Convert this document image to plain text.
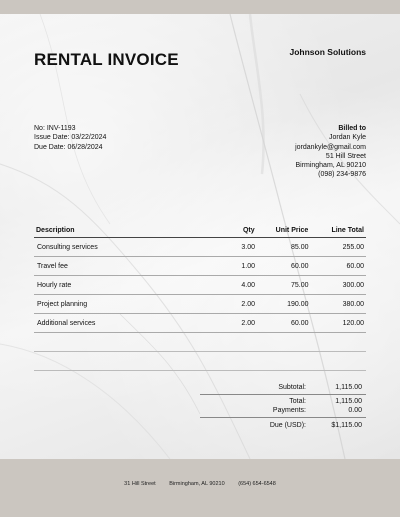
RENTAL INVOICE	Johnson Solutions
No: INV-1193
Issue Date: 03/22/2024
Due Date: 06/28/2024
Billed to
Jordan Kyle
jordankyle@gmail.com
51 Hill Street
Birmingham, AL 90210
(098) 234-9876
Description	Qty	Unit Price	Line Total
Consulting services	3.00	85.00	255.00
Travel fee	1.00	60.00	60.00
Hourly rate	4.00	75.00	300.00
Project planning	2.00	190.00	380.00
Additional services	2.00	60.00	120.00
Subtotal:	1,115.00
Total:	1,115.00
Payments:	0.00
Due (USD):	$1,115.00
31 Hill Street Birmingham, AL 90210 (654) 654-6548
